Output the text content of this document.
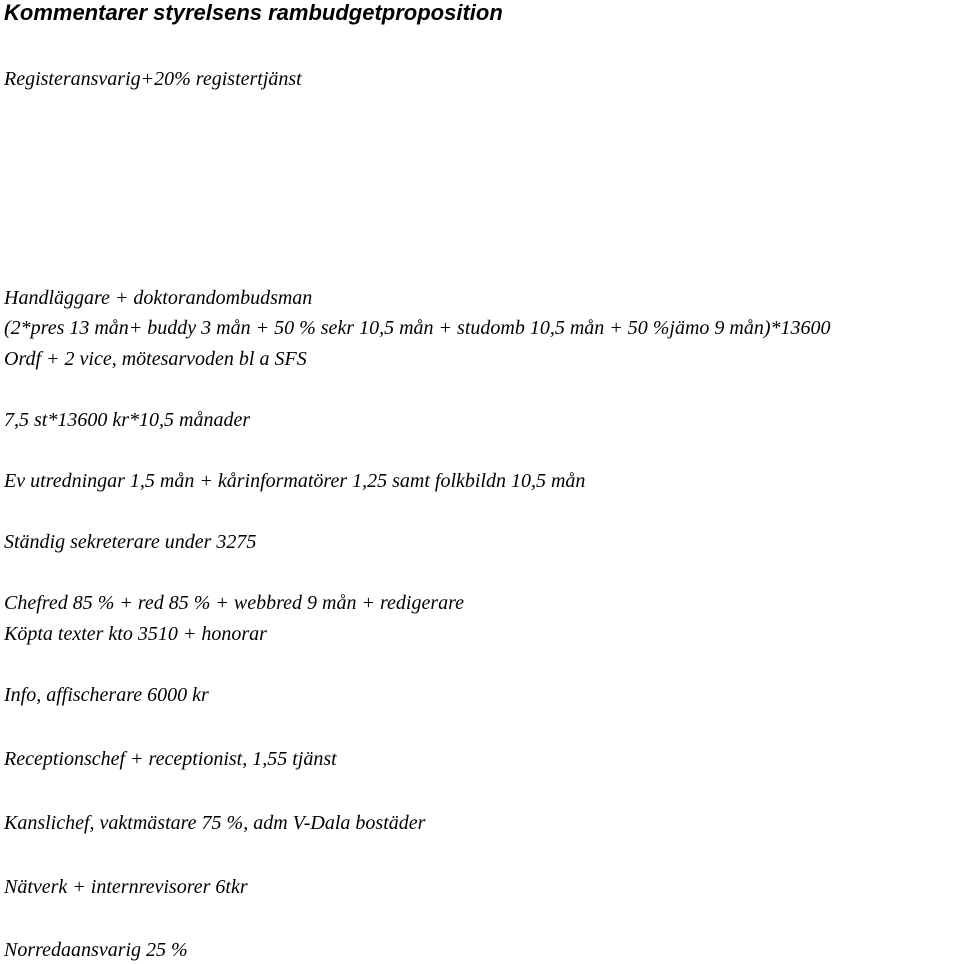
Kommentarer styrelsens rambudgetproposition
Registeransvarig+20% registertjänst
Handläggare + doktorandombudsman
(2*pres 13 mån+ buddy 3 mån + 50 % sekr 10,5 mån + studomb 10,5 mån + 50 %jämo 9 mån)*13600
Ordf + 2 vice, mötesarvoden bl a SFS
7,5 st*13600 kr*10,5 månader
Ev utredningar 1,5 mån + kårinformatörer 1,25 samt folkbildn 10,5 mån
Ständig sekreterare under 3275
Chefred 85 % + red 85 % + webbred 9 mån + redigerare
Köpta texter kto 3510 + honorar
Info, affischerare 6000 kr
Receptionschef + receptionist, 1,55 tjänst
Kanslichef, vaktmästare 75 %, adm V-Dala bostäder
Nätverk + internrevisorer 6tkr
Norredaansvarig 25 %
